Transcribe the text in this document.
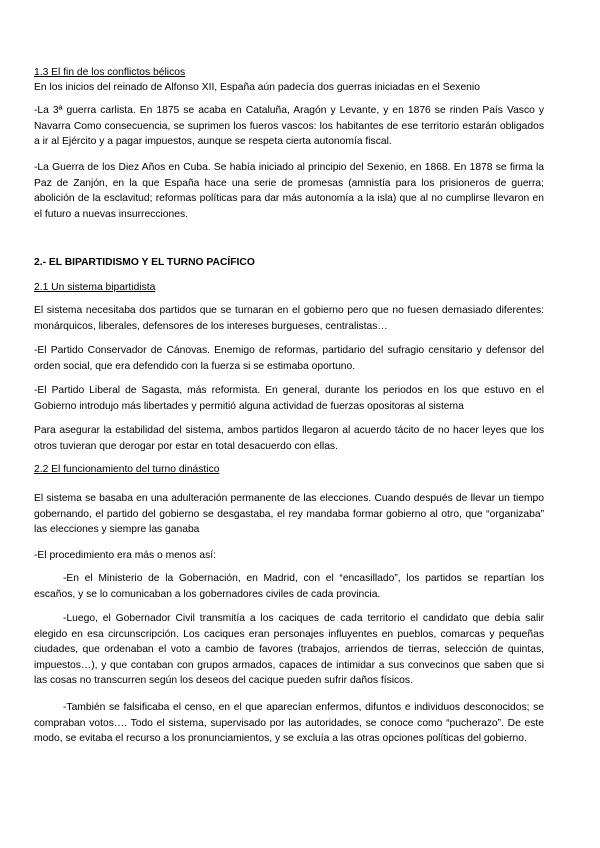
1.3 El fin de los conflictos bélicos

En los inicios del reinado de Alfonso XII, España aún padecía dos guerras iniciadas en el Sexenio

-La 3ª guerra carlista. En 1875 se acaba en Cataluña, Aragón y Levante, y en 1876 se rinden País Vasco y Navarra Como consecuencia, se suprimen los fueros vascos: los habitantes de ese territorio estarán obligados a ir al Ejército y a pagar impuestos, aunque se respeta cierta autonomía fiscal.

-La Guerra de los Diez Años en Cuba. Se había iniciado al principio del Sexenio, en 1868. En 1878 se firma la Paz de Zanjón, en la que España hace una serie de promesas (amnistía para los prisioneros de guerra; abolición de la esclavitud; reformas políticas para dar más autonomía a la isla) que al no cumplirse llevaron en el futuro a nuevas insurrecciones.

2.- EL BIPARTIDISMO Y EL TURNO PACÍFICO

2.1 Un sistema bipartidista

El sistema necesitaba dos partidos que se turnaran en el gobierno pero que no fuesen demasiado diferentes: monárquicos, liberales, defensores de los intereses burgueses, centralistas…

-El Partido Conservador de Cánovas. Enemigo de reformas, partidario del sufragio censitario y defensor del orden social, que era defendido con la fuerza si se estimaba oportuno.

-El Partido Liberal de Sagasta, más reformista. En general, durante los periodos en los que estuvo en el Gobierno introdujo más libertades y permitió alguna actividad de fuerzas opositoras al sistema

Para asegurar la estabilidad del sistema, ambos partidos llegaron al acuerdo tácito de no hacer leyes que los otros tuvieran que derogar por estar en total desacuerdo con ellas.

2.2 El funcionamiento del turno dinástico

El sistema se basaba en una adulteración permanente de las elecciones. Cuando después de llevar un tiempo gobernando, el partido del gobierno se desgastaba, el rey mandaba formar gobierno al otro, que “organizaba” las elecciones y siempre las ganaba

-El procedimiento era más o menos así:

-En el Ministerio de la Gobernación, en Madrid, con el “encasillado”, los partidos se repartían los escaños, y se lo comunicaban a los gobernadores civiles de cada provincia.

-Luego, el Gobernador Civil transmitía a los caciques de cada territorio el candidato que debía salir elegido en esa circunscripción. Los caciques eran personajes influyentes en pueblos, comarcas y pequeñas ciudades, que ordenaban el voto a cambio de favores (trabajos, arriendos de tierras, selección de quintas, impuestos…), y que contaban con grupos armados, capaces de intimidar a sus convecinos que saben que si las cosas no transcurren según los deseos del cacique pueden sufrir daños físicos.

-También se falsificaba el censo, en el que aparecían enfermos, difuntos e individuos desconocidos; se compraban votos…. Todo el sistema, supervisado por las autoridades, se conoce como “pucherazo”. De este modo, se evitaba el recurso a los pronunciamientos, y se excluía a las otras opciones políticas del gobierno.
